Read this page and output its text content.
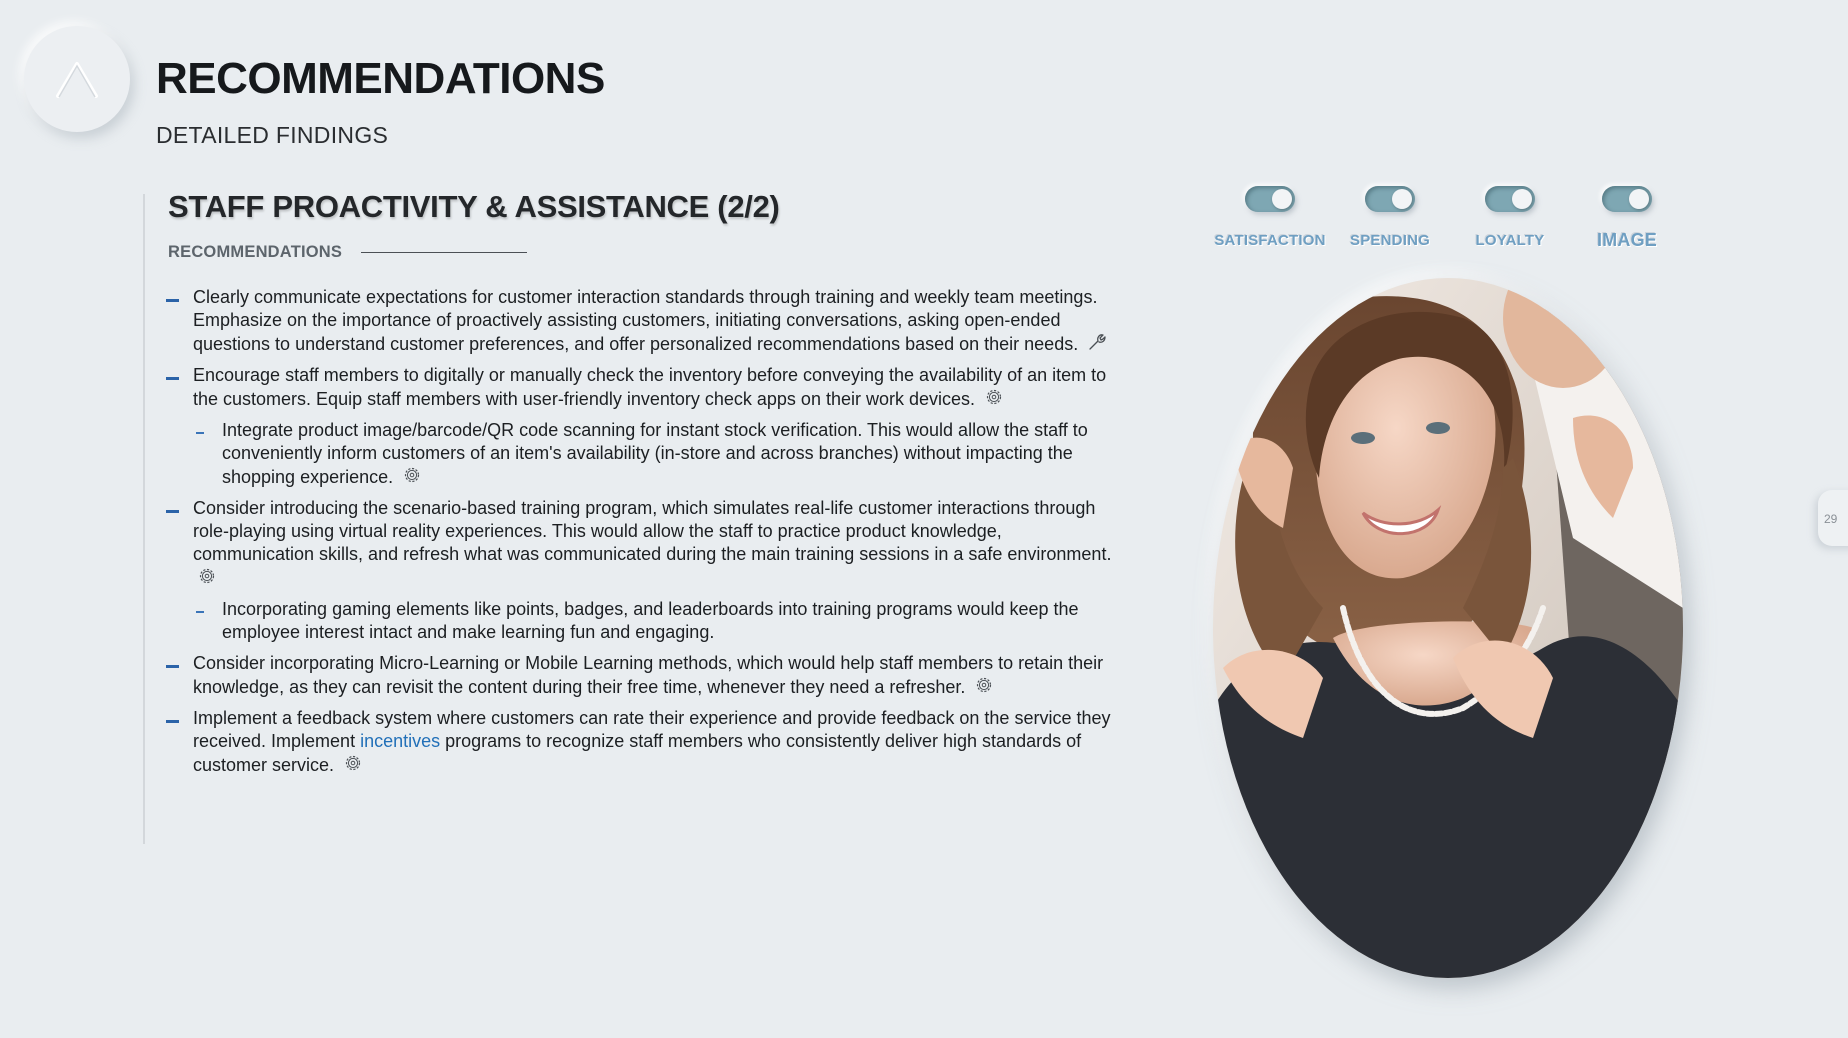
RECOMMENDATIONS
DETAILED FINDINGS
STAFF PROACTIVITY & ASSISTANCE (2/2)
RECOMMENDATIONS
Clearly communicate expectations for customer interaction standards through training and weekly team meetings. Emphasize on the importance of proactively assisting customers, initiating conversations, asking open-ended questions to understand customer preferences, and offer personalized recommendations based on their needs.
Encourage staff members to digitally or manually check the inventory before conveying the availability of an item to the customers. Equip staff members with user-friendly inventory check apps on their work devices.
Integrate product image/barcode/QR code scanning for instant stock verification. This would allow the staff to conveniently inform customers of an item's availability (in-store and across branches) without impacting the shopping experience.
Consider introducing the scenario-based training program, which simulates real-life customer interactions through role-playing using virtual reality experiences. This would allow the staff to practice product knowledge, communication skills, and refresh what was communicated during the main training sessions in a safe environment.
Incorporating gaming elements like points, badges, and leaderboards into training programs would keep the employee interest intact and make learning fun and engaging.
Consider incorporating Micro-Learning or Mobile Learning methods, which would help staff members to retain their knowledge, as they can revisit the content during their free time, whenever they need a refresher.
Implement a feedback system where customers can rate their experience and provide feedback on the service they received. Implement incentives programs to recognize staff members who consistently deliver high standards of customer service.
SATISFACTION	SPENDING	LOYALTY	IMAGE
29
